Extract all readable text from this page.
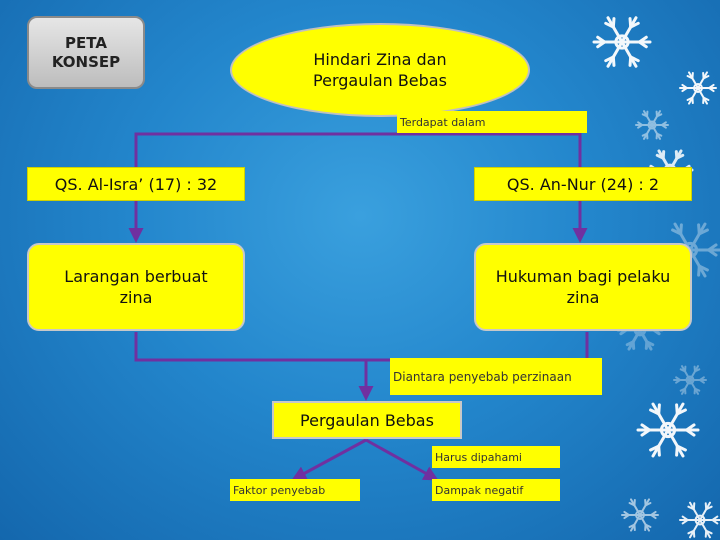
PETA
KONSEP	Hindari Zina dan
Pergaulan Bebas
Terdapat dalam
QS. Al-Isra’ (17) : 32	QS. An-Nur (24) : 2
Larangan berbuat
zina
Hukuman bagi pelaku
zina
Diantara penyebab perzinaan
Pergaulan Bebas
Harus dipahami
Faktor penyebab	Dampak negatif
